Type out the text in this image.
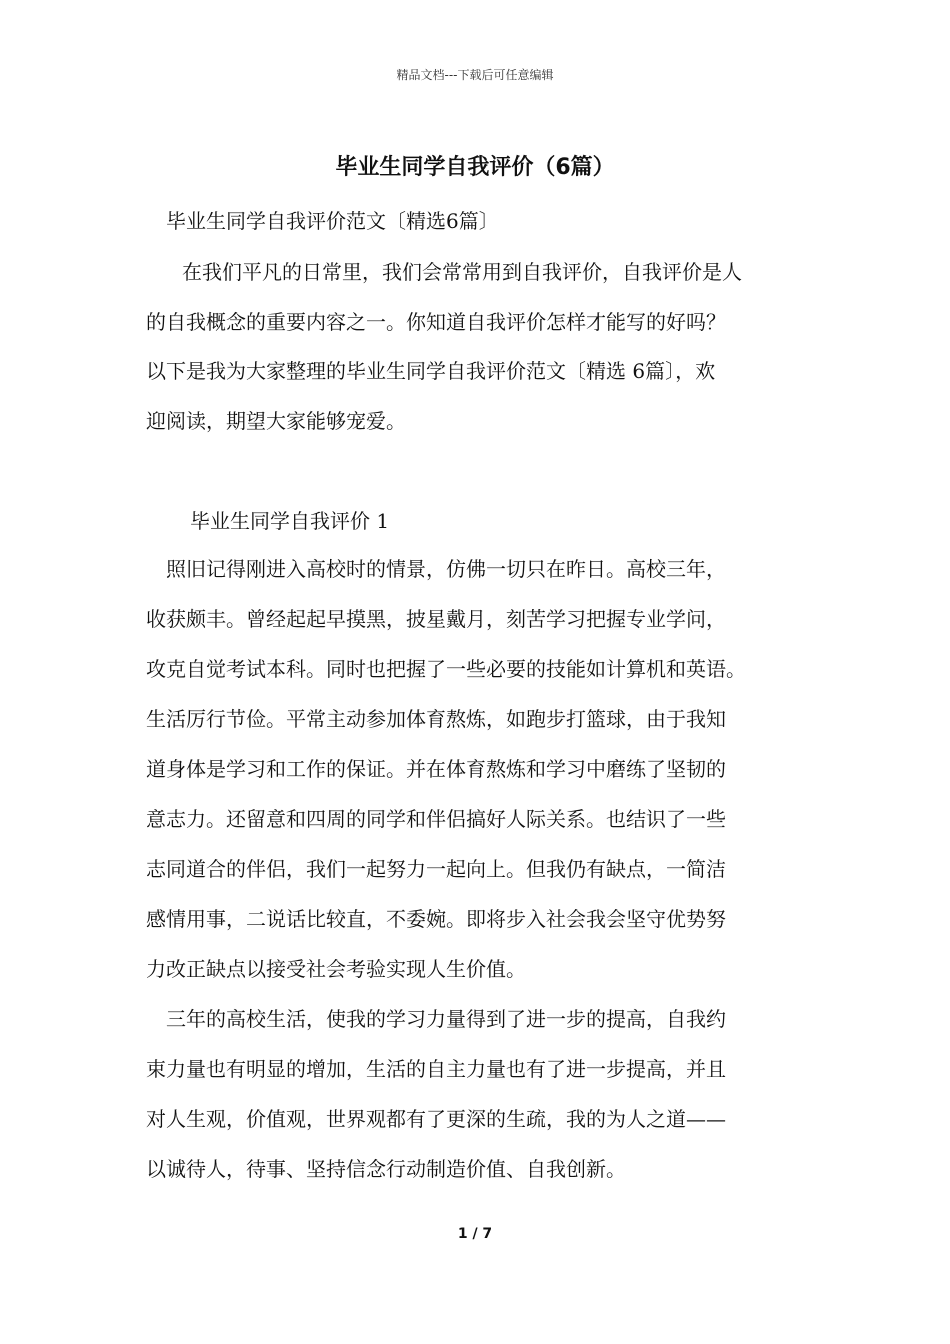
精品文档---下载后可任意编辑
毕业生同学自我评价（6篇）
毕业生同学自我评价范文〔精选6篇〕
在我们平凡的日常里，我们会常常用到自我评价，自我评价是人
的自我概念的重要内容之一。你知道自我评价怎样才能写的好吗？
以下是我为大家整理的毕业生同学自我评价范文〔精选 6篇〕，欢
迎阅读，期望大家能够宠爱。
毕业生同学自我评价 1
照旧记得刚进入高校时的情景，仿佛一切只在昨日。高校三年，
收获颇丰。曾经起起早摸黑，披星戴月，刻苦学习把握专业学问，
攻克自觉考试本科。同时也把握了一些必要的技能如计算机和英语。
生活厉行节俭。平常主动参加体育熬炼，如跑步打篮球，由于我知
道身体是学习和工作的保证。并在体育熬炼和学习中磨练了坚韧的
意志力。还留意和四周的同学和伴侣搞好人际关系。也结识了一些
志同道合的伴侣，我们一起努力一起向上。但我仍有缺点，一简洁
感情用事，二说话比较直，不委婉。即将步入社会我会坚守优势努
力改正缺点以接受社会考验实现人生价值。
三年的高校生活，使我的学习力量得到了进一步的提高，自我约
束力量也有明显的增加，生活的自主力量也有了进一步提高，并且
对人生观，价值观，世界观都有了更深的生疏，我的为人之道——
以诚待人，待事、坚持信念行动制造价值、自我创新。
1 / 7
